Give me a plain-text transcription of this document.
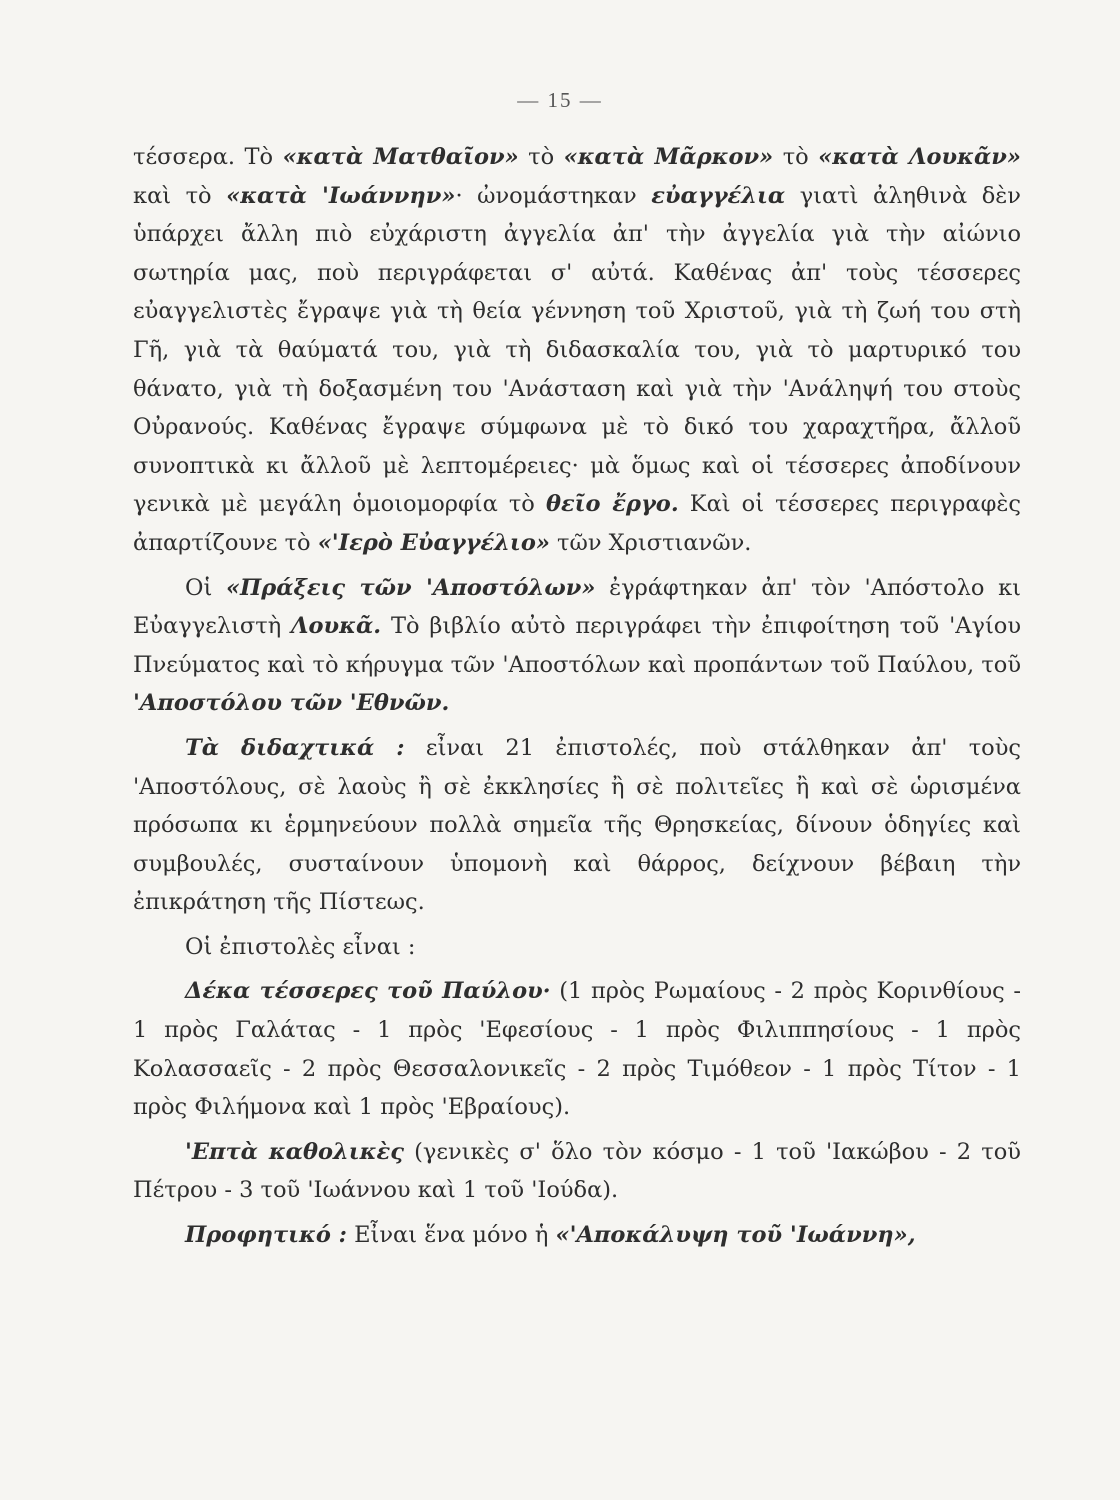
— 15 —

τέσσερα. Τὸ «κατὰ Ματθαῖον» τὸ «κατὰ Μᾶρκον» τὸ «κατὰ Λουκᾶν» καὶ τὸ «κατὰ 'Ιωάννην»· ὠνομάστηκαν εὐαγγέλια γιατὶ ἀληθινὰ δὲν ὑπάρχει ἄλλη πιὸ εὐχάριστη ἀγγελία ἀπ' τὴν ἀγγελία γιὰ τὴν αἰώνιο σωτηρία μας, ποὺ περιγράφεται σ' αὐτά. Καθένας ἀπ' τοὺς τέσσερες εὐαγγελιστὲς ἔγραψε γιὰ τὴ θεία γέννηση τοῦ Χριστοῦ, γιὰ τὴ ζωή του στὴ Γῆ, γιὰ τὰ θαύματά του, γιὰ τὴ διδασκαλία του, γιὰ τὸ μαρτυρικό του θάνατο, γιὰ τὴ δοξασμένη του 'Ανάσταση καὶ γιὰ τὴν 'Ανάληψή του στοὺς Οὐρανούς. Καθένας ἔγραψε σύμφωνα μὲ τὸ δικό του χαραχτῆρα, ἄλλοῦ συνοπτικὰ κι ἄλλοῦ μὲ λεπτομέρειες· μὰ ὅμως καὶ οἱ τέσσερες ἀποδίνουν γενικὰ μὲ μεγάλη ὁμοιομορφία τὸ θεῖο ἔργο. Καὶ οἱ τέσσερες περιγραφὲς ἀπαρτίζουνε τὸ «'Ιερὸ Εὐαγγέλιο» τῶν Χριστιανῶν.

Οἱ «Πράξεις τῶν 'Αποστόλων» ἐγράφτηκαν ἀπ' τὸν 'Απόστολο κι Εὐαγγελιστὴ Λουκᾶ. Τὸ βιβλίο αὐτὸ περιγράφει τὴν ἐπιφοίτηση τοῦ 'Αγίου Πνεύματος καὶ τὸ κήρυγμα τῶν 'Αποστόλων καὶ προπάντων τοῦ Παύλου, τοῦ 'Αποστόλου τῶν 'Εθνῶν.

Τὰ διδαχτικά : εἶναι 21 ἐπιστολές, ποὺ στάλθηκαν ἀπ' τοὺς 'Αποστόλους, σὲ λαοὺς ἢ σὲ ἐκκλησίες ἢ σὲ πολιτεῖες ἢ καὶ σὲ ὡρισμένα πρόσωπα κι ἑρμηνεύουν πολλὰ σημεῖα τῆς Θρησκείας, δίνουν ὁδηγίες καὶ συμβουλές, συσταίνουν ὑπομονὴ καὶ θάρρος, δείχνουν βέβαιη τὴν ἐπικράτηση τῆς Πίστεως.

Οἱ ἐπιστολὲς εἶναι :

Δέκα τέσσερες τοῦ Παύλου· (1 πρὸς Ρωμαίους - 2 πρὸς Κορινθίους - 1 πρὸς Γαλάτας - 1 πρὸς 'Εφεσίους - 1 πρὸς Φιλιππησίους - 1 πρὸς Κολασσαεῖς - 2 πρὸς Θεσσαλονικεῖς - 2 πρὸς Τιμόθεον - 1 πρὸς Τίτον - 1 πρὸς Φιλήμονα καὶ 1 πρὸς 'Εβραίους).

'Επτὰ καθολικὲς (γενικὲς σ' ὅλο τὸν κόσμο - 1 τοῦ 'Ιακώβου - 2 τοῦ Πέτρου - 3 τοῦ 'Ιωάννου καὶ 1 τοῦ 'Ιούδα).

Προφητικό : Εἶναι ἕνα μόνο ἡ «'Αποκάλυψη τοῦ 'Ιωάννη»,
